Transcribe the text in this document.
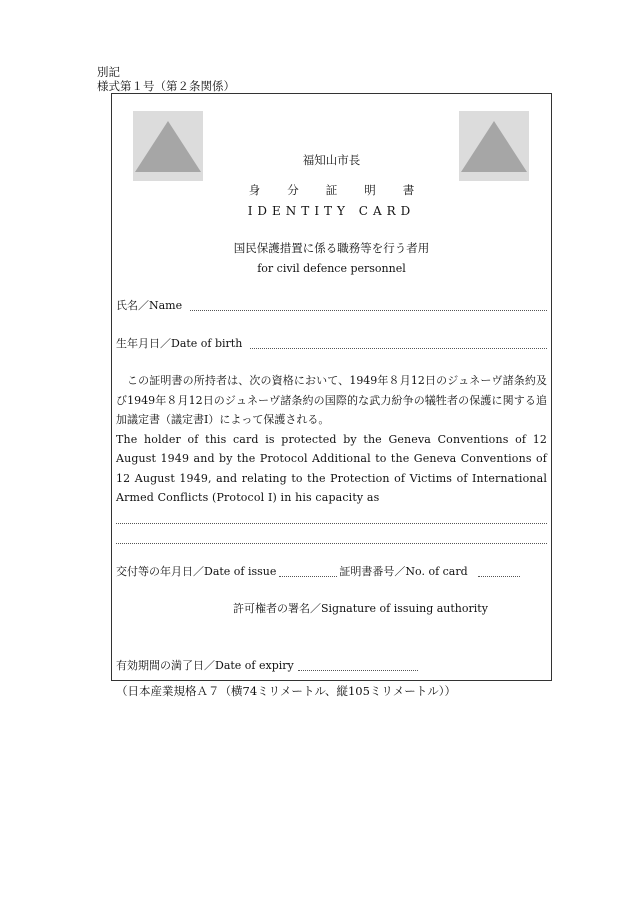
別記
様式第１号（第２条関係）
福知山市長
身分証明書
IDENTITY CARD
国民保護措置に係る職務等を行う者用
for civil defence personnel
氏名／Name
生年月日／Date of birth
この証明書の所持者は、次の資格において、1949年８月12日のジュネーヴ諸条約及び1949年８月12日のジュネーヴ諸条約の国際的な武力紛争の犠牲者の保護に関する追加議定書（議定書Ⅰ）によって保護される。
The holder of this card is protected by the Geneva Conventions of 12 August 1949 and by the Protocol Additional to the Geneva Conventions of 12 August 1949, and relating to the Protection of Victims of International Armed Conflicts (Protocol Ⅰ) in his capacity as
交付等の年月日／Date of issue	証明書番号／No. of card
許可権者の署名／Signature of issuing authority
有効期間の満了日／Date of expiry
（日本産業規格Ａ７（横74ミリメートル、縦105ミリメートル））
